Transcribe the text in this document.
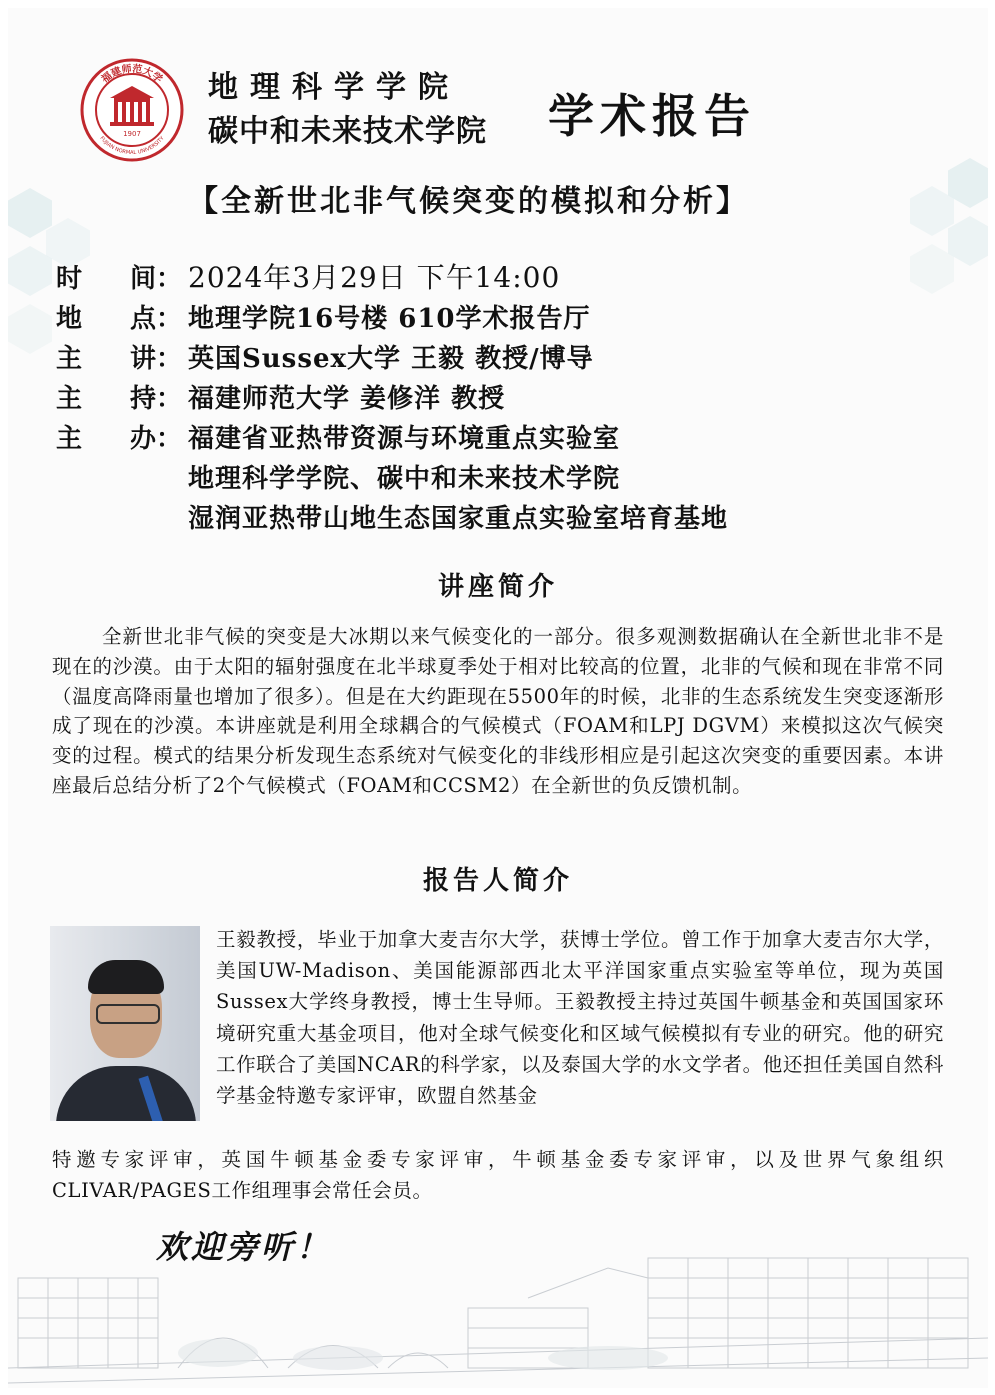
福建师范大学
FUJIAN NORMAL UNIVERSITY
1907
地理科学学院
碳中和未来技术学院	学术报告
【全新世北非气候突变的模拟和分析】
时 间： 2024年3月29日 下午14:00
地 点： 地理学院16号楼 610学术报告厅
主 讲： 英国Sussex大学 王毅 教授/博导
主 持： 福建师范大学 姜修洋 教授
主 办： 福建省亚热带资源与环境重点实验室
地理科学学院、碳中和未来技术学院
湿润亚热带山地生态国家重点实验室培育基地
讲座简介
全新世北非气候的突变是大冰期以来气候变化的一部分。很多观测数据确认在全新世北非不是现在的沙漠。由于太阳的辐射强度在北半球夏季处于相对比较高的位置，北非的气候和现在非常不同（温度高降雨量也增加了很多）。但是在大约距现在5500年的时候，北非的生态系统发生突变逐渐形成了现在的沙漠。本讲座就是利用全球耦合的气候模式（FOAM和LPJ DGVM）来模拟这次气候突变的过程。模式的结果分析发现生态系统对气候变化的非线形相应是引起这次突变的重要因素。本讲座最后总结分析了2个气候模式（FOAM和CCSM2）在全新世的负反馈机制。
报告人简介
王毅教授，毕业于加拿大麦吉尔大学，获博士学位。曾工作于加拿大麦吉尔大学，美国UW-Madison、美国能源部西北太平洋国家重点实验室等单位，现为英国Sussex大学终身教授，博士生导师。王毅教授主持过英国牛顿基金和英国国家环境研究重大基金项目，他对全球气候变化和区域气候模拟有专业的研究。他的研究工作联合了美国NCAR的科学家，以及泰国大学的水文学者。他还担任美国自然科学基金特邀专家评审，欧盟自然基金
特邀专家评审，英国牛顿基金委专家评审，牛顿基金委专家评审，以及世界气象组织CLIVAR/PAGES工作组理事会常任会员。
欢迎旁听！
